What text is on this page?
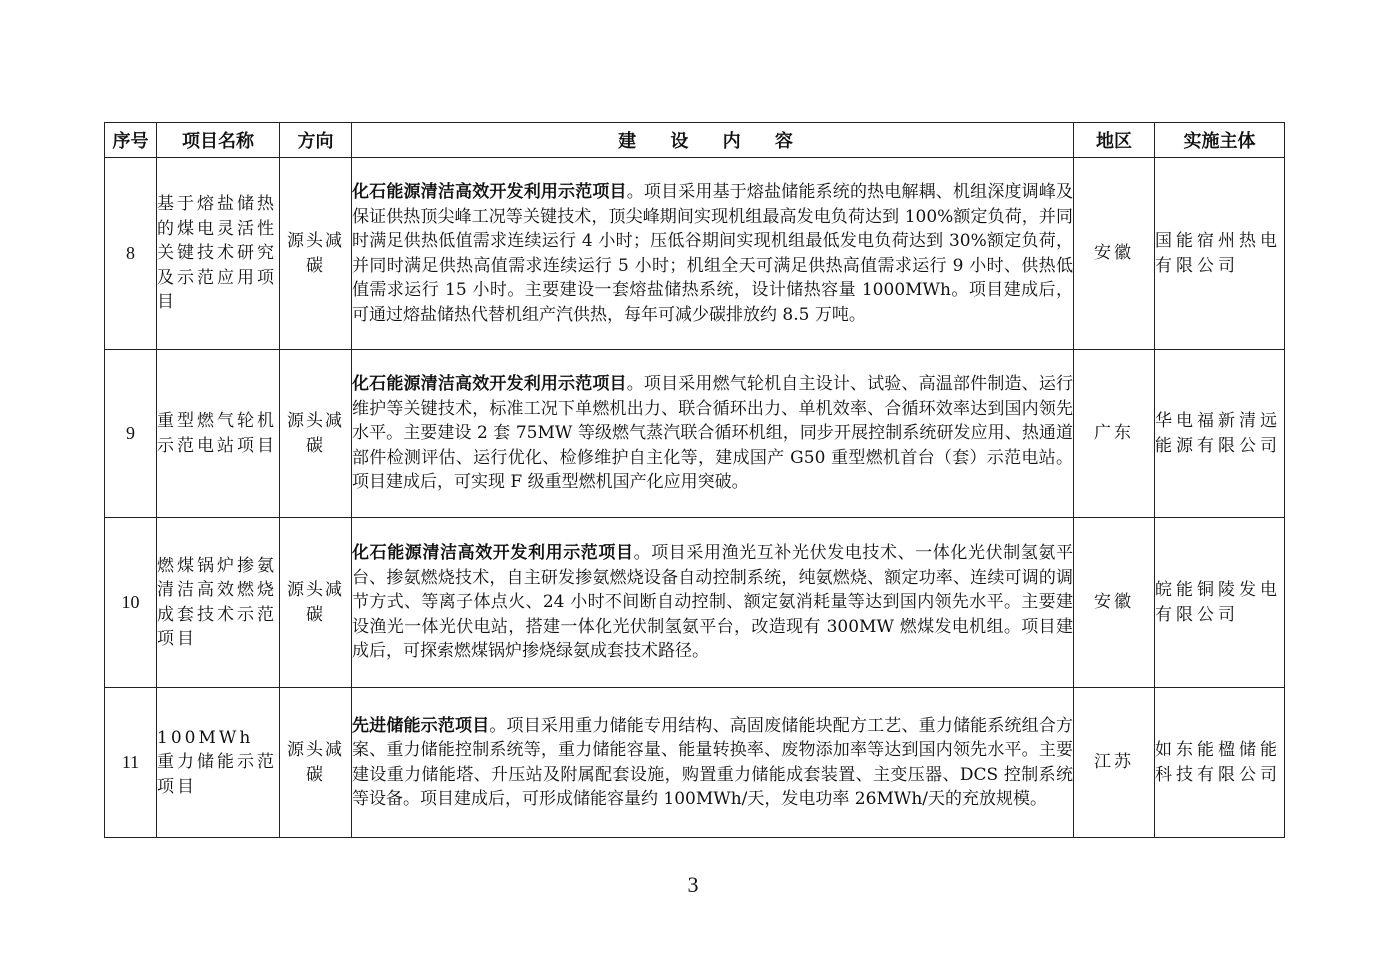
序号	项目名称	方向	建 设 内 容	地区	实施主体
8	基于熔盐储热的煤电灵活性关键技术研究及示范应用项目	源头减碳	化石能源清洁高效开发利用示范项目。项目采用基于熔盐储能系统的热电解耦、机组深度调峰及保证供热顶尖峰工况等关键技术，顶尖峰期间实现机组最高发电负荷达到 100%额定负荷，并同时满足供热低值需求连续运行 4 小时；压低谷期间实现机组最低发电负荷达到 30%额定负荷，并同时满足供热高值需求连续运行 5 小时；机组全天可满足供热高值需求运行 9 小时、供热低值需求运行 15 小时。主要建设一套熔盐储热系统，设计储热容量 1000MWh。项目建成后，可通过熔盐储热代替机组产汽供热，每年可减少碳排放约 8.5 万吨。	安徽	国能宿州热电有限公司
9	重型燃气轮机示范电站项目	源头减碳	化石能源清洁高效开发利用示范项目。项目采用燃气轮机自主设计、试验、高温部件制造、运行维护等关键技术，标准工况下单燃机出力、联合循环出力、单机效率、合循环效率达到国内领先水平。主要建设 2 套 75MW 等级燃气蒸汽联合循环机组，同步开展控制系统研发应用、热通道部件检测评估、运行优化、检修维护自主化等，建成国产 G50 重型燃机首台（套）示范电站。项目建成后，可实现 F 级重型燃机国产化应用突破。	广东	华电福新清远能源有限公司
10	燃煤锅炉掺氨清洁高效燃烧成套技术示范项目	源头减碳	化石能源清洁高效开发利用示范项目。项目采用渔光互补光伏发电技术、一体化光伏制氢氨平台、掺氨燃烧技术，自主研发掺氨燃烧设备自动控制系统，纯氨燃烧、额定功率、连续可调的调节方式、等离子体点火、24 小时不间断自动控制、额定氨消耗量等达到国内领先水平。主要建设渔光一体光伏电站，搭建一体化光伏制氢氨平台，改造现有 300MW 燃煤发电机组。项目建成后，可探索燃煤锅炉掺烧绿氨成套技术路径。	安徽	皖能铜陵发电有限公司
11	100MWh 重力储能示范项目	源头减碳	先进储能示范项目。项目采用重力储能专用结构、高固废储能块配方工艺、重力储能系统组合方案、重力储能控制系统等，重力储能容量、能量转换率、废物添加率等达到国内领先水平。主要建设重力储能塔、升压站及附属配套设施，购置重力储能成套装置、主变压器、DCS 控制系统等设备。项目建成后，可形成储能容量约 100MWh/天，发电功率 26MWh/天的充放规模。	江苏	如东能楹储能科技有限公司
3
